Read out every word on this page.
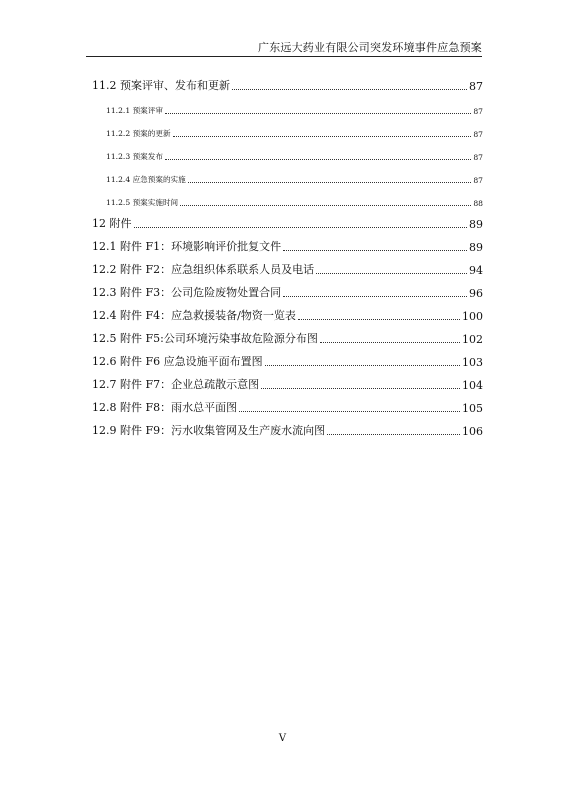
广东远大药业有限公司突发环境事件应急预案
11.2 预案评审、发布和更新	87
11.2.1 预案评审	87
11.2.2 预案的更新	87
11.2.3 预案发布	87
11.2.4 应急预案的实施	87
11.2.5 预案实施时间	88
12 附件	89
12.1 附件 F1：环境影响评价批复文件	89
12.2 附件 F2：应急组织体系联系人员及电话	94
12.3 附件 F3：公司危险废物处置合同	96
12.4 附件 F4：应急救援装备/物资一览表	100
12.5 附件 F5:公司环境污染事故危险源分布图	102
12.6 附件 F6 应急设施平面布置图	103
12.7 附件 F7：企业总疏散示意图	104
12.8 附件 F8：雨水总平面图	105
12.9 附件 F9：污水收集管网及生产废水流向图	106
V
